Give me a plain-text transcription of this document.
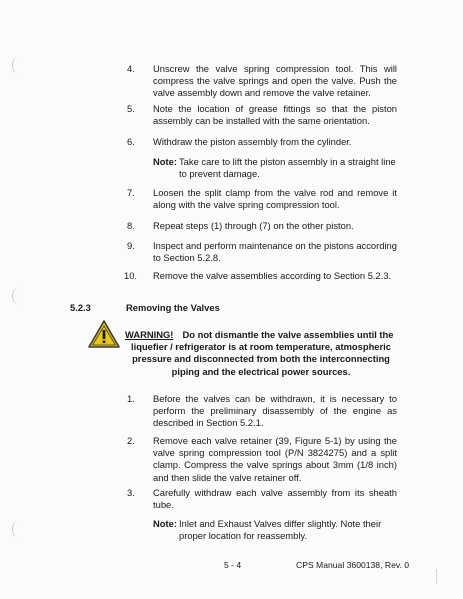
4. Unscrew the valve spring compression tool. This will compress the valve springs and open the valve. Push the valve assembly down and remove the valve retainer.
5. Note the location of grease fittings so that the piston assembly can be installed with the same orientation.
6. Withdraw the piston assembly from the cylinder.
Note: Take care to lift the piston assembly in a straight line to prevent damage.
7. Loosen the split clamp from the valve rod and remove it along with the valve spring compression tool.
8. Repeat steps (1) through (7) on the other piston.
9. Inspect and perform maintenance on the pistons according to Section 5.2.8.
10. Remove the valve assemblies according to Section 5.2.3.
5.2.3	Removing the Valves
WARNING! Do not dismantle the valve assemblies until the liquefier / refrigerator is at room temperature, atmospheric pressure and disconnected from both the interconnecting piping and the electrical power sources.
1. Before the valves can be withdrawn, it is necessary to perform the preliminary disassembly of the engine as described in Section 5.2.1.
2. Remove each valve retainer (39, Figure 5-1) by using the valve spring compression tool (P/N 3824275) and a split clamp. Compress the valve springs about 3mm (1/8 inch) and then slide the valve retainer off.
3. Carefully withdraw each valve assembly from its sheath tube.
Note: Inlet and Exhaust Valves differ slightly. Note their proper location for reassembly.
5 - 4	CPS Manual 3600138, Rev. 0
